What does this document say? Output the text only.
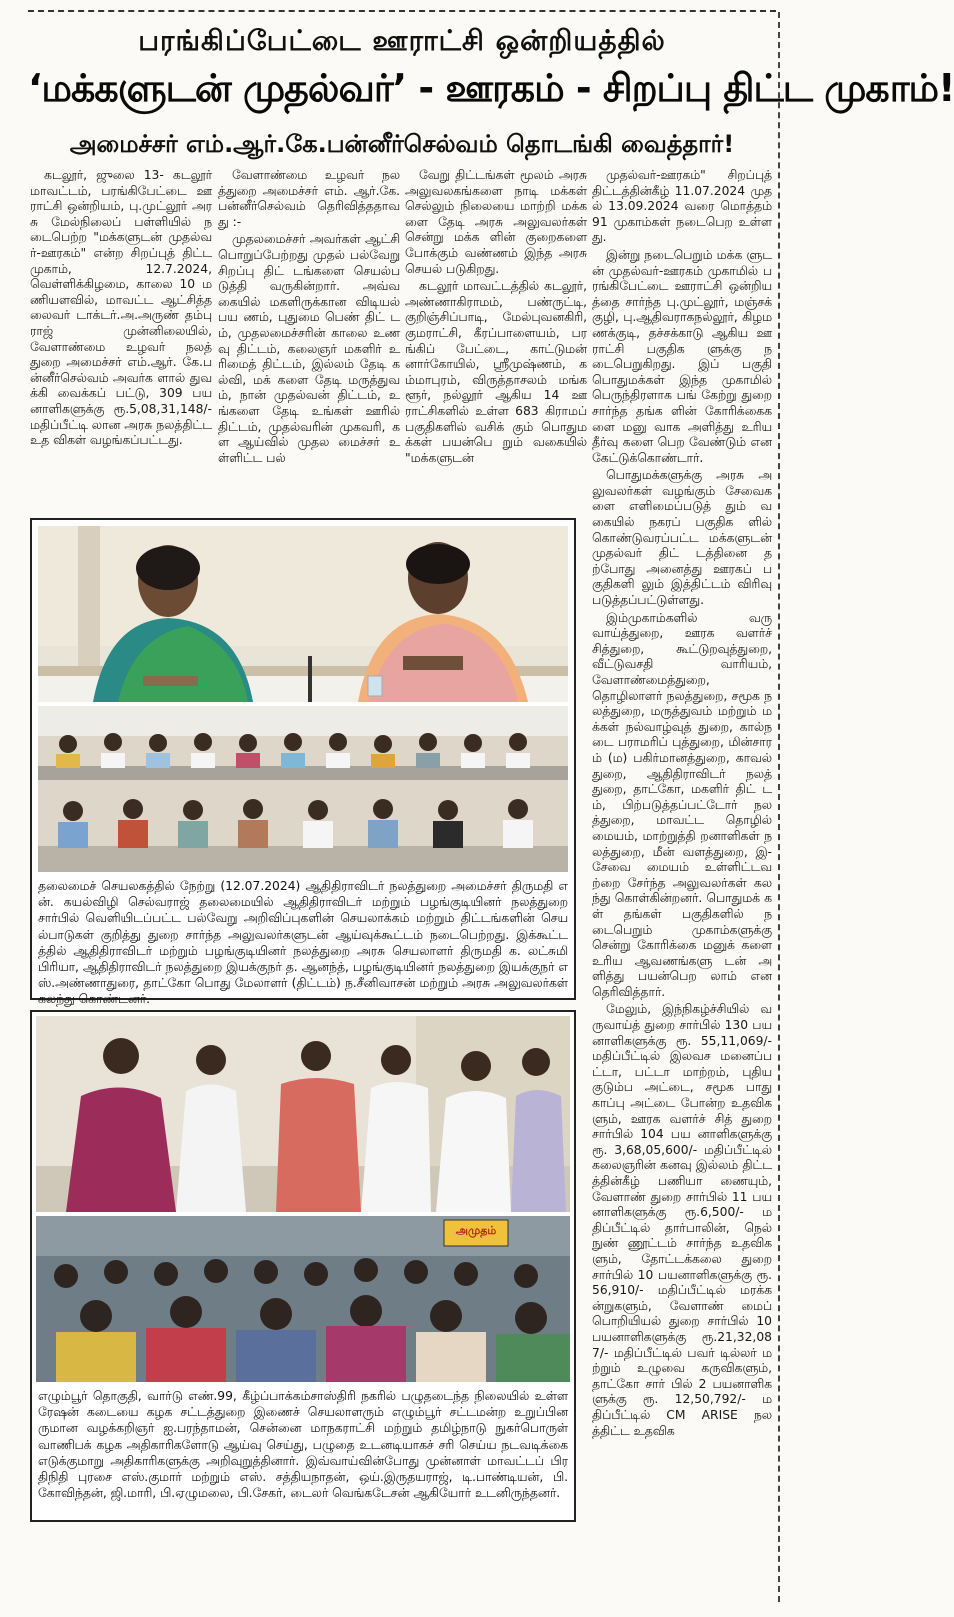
பரங்கிப்பேட்டை ஊராட்சி ஒன்றியத்தில்
‘மக்களுடன் முதல்வர்’ - ஊரகம் - சிறப்பு திட்ட முகாம்!
அமைச்சர் எம்.ஆர்.கே.பன்னீர்செல்வம் தொடங்கி வைத்தார்!

கடலூர், ஜுலை 13- கடலூர் மாவட்டம், பரங்கிபேட்டை ஊராட்சி ஒன்றியம், பு.முட்லூர் அரசு மேல்நிலைப் பள்ளியில் நடைபெற்ற "மக்களுடன் முதல்வர்-ஊரகம்" என்ற சிறப்புத் திட்ட முகாம், 12.7.2024, வெள்ளிக்கிழமை, காலை 10 மணியளவில், மாவட்ட ஆட்சித்தலைவர் டாக்டர்.அ.அருண் தம்பு ராஜ் முன்னிலையில், வேளாண்மை உழவர் நலத் துறை அமைச்சர் எம்.ஆர். கே.பன்னீர்செல்வம் அவர்க ளால் துவக்கி வைக்கப் பட்டு, 309 பயனாளிகளுக்கு ரூ.5,08,31,148/- மதிப்பீட்டி லான அரசு நலத்திட்ட உத விகள் வழங்கப்பட்டது.

வேளாண்மை உழவர் நலத்துறை அமைச்சர் எம். ஆர்.கே.பன்னீர்செல்வம் தெரிவித்ததாவது :-

முதலமைச்சர் அவர்கள் ஆட்சி பொறுப்பேற்றது முதல் பல்வேறு சிறப்பு திட் டங்களை செயல்படுத்தி வருகின்றார். அவ்வகையில் மகளிருக்கான விடியல் பய ணம், புதுமை பெண் திட் டம், முதலமைச்சரின் காலை உணவு திட்டம், கலைஞர் மகளிர் உரிமைத் திட்டம், இல்லம் தேடி கல்வி, மக் களை தேடி மருத்துவம், நான் முதல்வன் திட்டம், உங்களை தேடி உங்கள் ஊரில் திட்டம், முதல்வரின் முகவரி, கள ஆய்வில் முதல மைச்சர் உள்ளிட்ட பல்

வேறு திட்டங்கள் மூலம் அரசு அலுவலகங்களை நாடி மக்கள் செல்லும் நிலையை மாற்றி மக்களை தேடி அரசு அலுவலர்கள் சென்று மக்க ளின் குறைகளை போக்கும் வண்ணம் இந்த அரசு செயல் படுகிறது.

கடலூர் மாவட்டத்தில் கடலூர், அண்ணாகிராமம், பண்ருட்டி, குறிஞ்சிப்பாடி, மேல்புவனகிரி, குமராட்சி, கீரப்பாளையம், பரங்கிப் பேட்டை, காட்டுமன் னார்கோயில், ஸ்ரீமுஷ்ணம், கம்மாபுரம், விருத்தாசலம் மங்களூர், நல்லூர் ஆகிய 14 ஊராட்சிகளில் உள்ள 683 கிராமப் பகுதிகளில் வசிக் கும் பொதுமக்கள் பயன்பெ றும் வகையில் "மக்களுடன்

முதல்வர்-ஊரகம்" சிறப்புத் திட்டத்தின்கீழ் 11.07.2024 முதல் 13.09.2024 வரை மொத்தம் 91 முகாம்கள் நடைபெற உள்ளது.

இன்று நடைபெறும் மக்க ளுடன் முதல்வர்-ஊரகம் முகாமில் பரங்கிபேட்டை ஊராட்சி ஒன்றியத்தை சார்ந்த பு.முட்லூர், மஞ்சக் குழி, பு.ஆதிவராகநல்லூர், கிழமணக்குடி, தச்சக்காடு ஆகிய ஊராட்சி பகுதிக ளுக்கு நடைபெறுகிறது. இப் பகுதி பொதுமக்கள் இந்த முகாமில் பெருந்திரளாக பங் கேற்று துறை சார்ந்த தங்க ளின் கோரிக்கைகளை மனு வாக அளித்து உரிய தீர்வு களை பெற வேண்டும் என கேட்டுக்கொண்டார்.

பொதுமக்களுக்கு அரசு அலுவலர்கள் வழங்கும் சேவைகளை எளிமைப்படுத் தும் வகையில் நகரப் பகுதிக ளில் கொண்டுவரப்பட்ட மக்களுடன் முதல்வர் திட் டத்தினை தற்போது அனைத்து ஊரகப் பகுதிகளி லும் இத்திட்டம் விரிவு படுத்தப்பட்டுள்ளது.

இம்முகாம்களில் வரு வாய்த்துறை, ஊரக வளர்ச் சித்துறை, கூட்டுறவுத்துறை, வீட்டுவசதி வாரியம், வேளாண்மைத்துறை, தொழிலாளர் நலத்துறை, சமூக நலத்துறை, மருத்துவம் மற்றும் மக்கள் நல்வாழ்வுத் துறை, கால்நடை பராமரிப் புத்துறை, மின்சாரம் (ம) பகிர்மானத்துறை, காவல் துறை, ஆதிதிராவிடர் நலத் துறை, தாட்கோ, மகளிர் திட் டம், பிற்படுத்தப்பட்டோர் நலத்துறை, மாவட்ட தொழில் மையம், மாற்றுத்தி றனாளிகள் நலத்துறை, மீன் வளத்துறை, இ-சேவை மையம் உள்ளிட்டவற்றை சேர்ந்த அலுவலர்கள் கலந்து கொள்கின்றனர். பொதுமக் கள் தங்கள் பகுதிகளில் நடைபெறும் முகாம்களுக்கு சென்று கோரிக்கை மனுக் களை உரிய ஆவணங்களு டன் அளித்து பயன்பெற லாம் என தெரிவித்தார்.

மேலும், இந்நிகழ்ச்சியில் வருவாய்த் துறை சார்பில் 130 பயனாளிகளுக்கு ரூ. 55,11,069/- மதிப்பீட்டில் இலவச மனைப்பட்டா, பட்டா மாற்றம், புதிய குடும்ப அட்டை, சமூக பாது காப்பு அட்டை போன்ற உதவிகளும், ஊரக வளர்ச் சித் துறை சார்பில் 104 பய னாளிகளுக்கு ரூ. 3,68,05,600/- மதிப்பீட்டில் கலைஞரின் கனவு இல்லம் திட்டத்தின்கீழ் பணியா ணையும், வேளாண் துறை சார்பில் 11 பயனாளிகளுக்கு ரூ.6,500/- மதிப்பீட்டில் தார்பாலின், நெல் நுண் ணூட்டம் சார்ந்த உதவிக ளும், தோட்டக்கலை துறை சார்பில் 10 பயனாளிகளுக்கு ரூ.56,910/- மதிப்பீட்டில் மரக்கன்றுகளும், வேளாண் மைப் பொறியியல் துறை சார்பில் 10 பயனாளிகளுக்கு ரூ.21,32,087/- மதிப்பீட்டில் பவர் டில்லர் மற்றும் உழுவை கருவிகளும், தாட்கோ சார் பில் 2 பயனாளிகளுக்கு ரூ. 12,50,792/- மதிப்பீட்டில் CM ARISE நலத்திட்ட உதவிக

தலைமைச் செயலகத்தில் நேற்று (12.07.2024) ஆதிதிராவிடர் நலத்துறை அமைச்சர் திருமதி என். கயல்விழி செல்வராஜ் தலைமையில் ஆதிதிராவிடர் மற்றும் பழங்குடியினர் நலத்துறை சார்பில் வெளியிடப்பட்ட பல்வேறு அறிவிப்புகளின் செயலாக்கம் மற்றும் திட்டங்களின் செயல்பாடுகள் குறித்து துறை சார்ந்த அலுவலர்களுடன் ஆய்வுக்கூட்டம் நடைபெற்றது. இக்கூட்டத்தில் ஆதிதிராவிடர் மற்றும் பழங்குடியினர் நலத்துறை அரசு செயலாளர் திருமதி க. லட்சுமி பிரியா, ஆதிதிராவிடர் நலத்துறை இயக்குநர் த. ஆனந்த், பழங்குடியினர் நலத்துறை இயக்குநர் எஸ்.அண்ணாதுரை, தாட்கோ பொது மேலாளர் (திட்டம்) ந.சீனிவாசன் மற்றும் அரசு அலுவலர்கள் கலந்து கொண்டனர்.
அமுதம்
எழும்பூர் தொகுதி, வார்டு எண்.99, கீழ்ப்பாக்கம்சாஸ்திரி நகரில் பழுதடைந்த நிலையில் உள்ள ரேஷன் கடையை கழக சட்டத்துறை இணைச் செயலாளரும் எழும்பூர் சட்டமன்ற உறுப்பினருமான வழக்கறிஞர் ஐ.பரந்தாமன், சென்னை மாநகராட்சி மற்றும் தமிழ்நாடு நுகர்பொருள் வாணிபக் கழக அதிகாரிகளோடு ஆய்வு செய்து, பழுதை உடனடியாகச் சரி செய்ய நடவடிக்கை எடுக்குமாறு அதிகாரிகளுக்கு அறிவுறுத்தினார். இவ்வாய்வின்போது முன்னாள் மாவட்டப் பிரதிநிதி புரசை எஸ்.குமார் மற்றும் எஸ். சத்தியநாதன், ஒய்.இருதயராஜ், டி.பாண்டியன், பி.கோவிந்தன், ஜி.மாரி, பி.ஏழுமலை, பி.சேகர், டைலர் வெங்கடேசன் ஆகியோர் உடனிருந்தனர்.
